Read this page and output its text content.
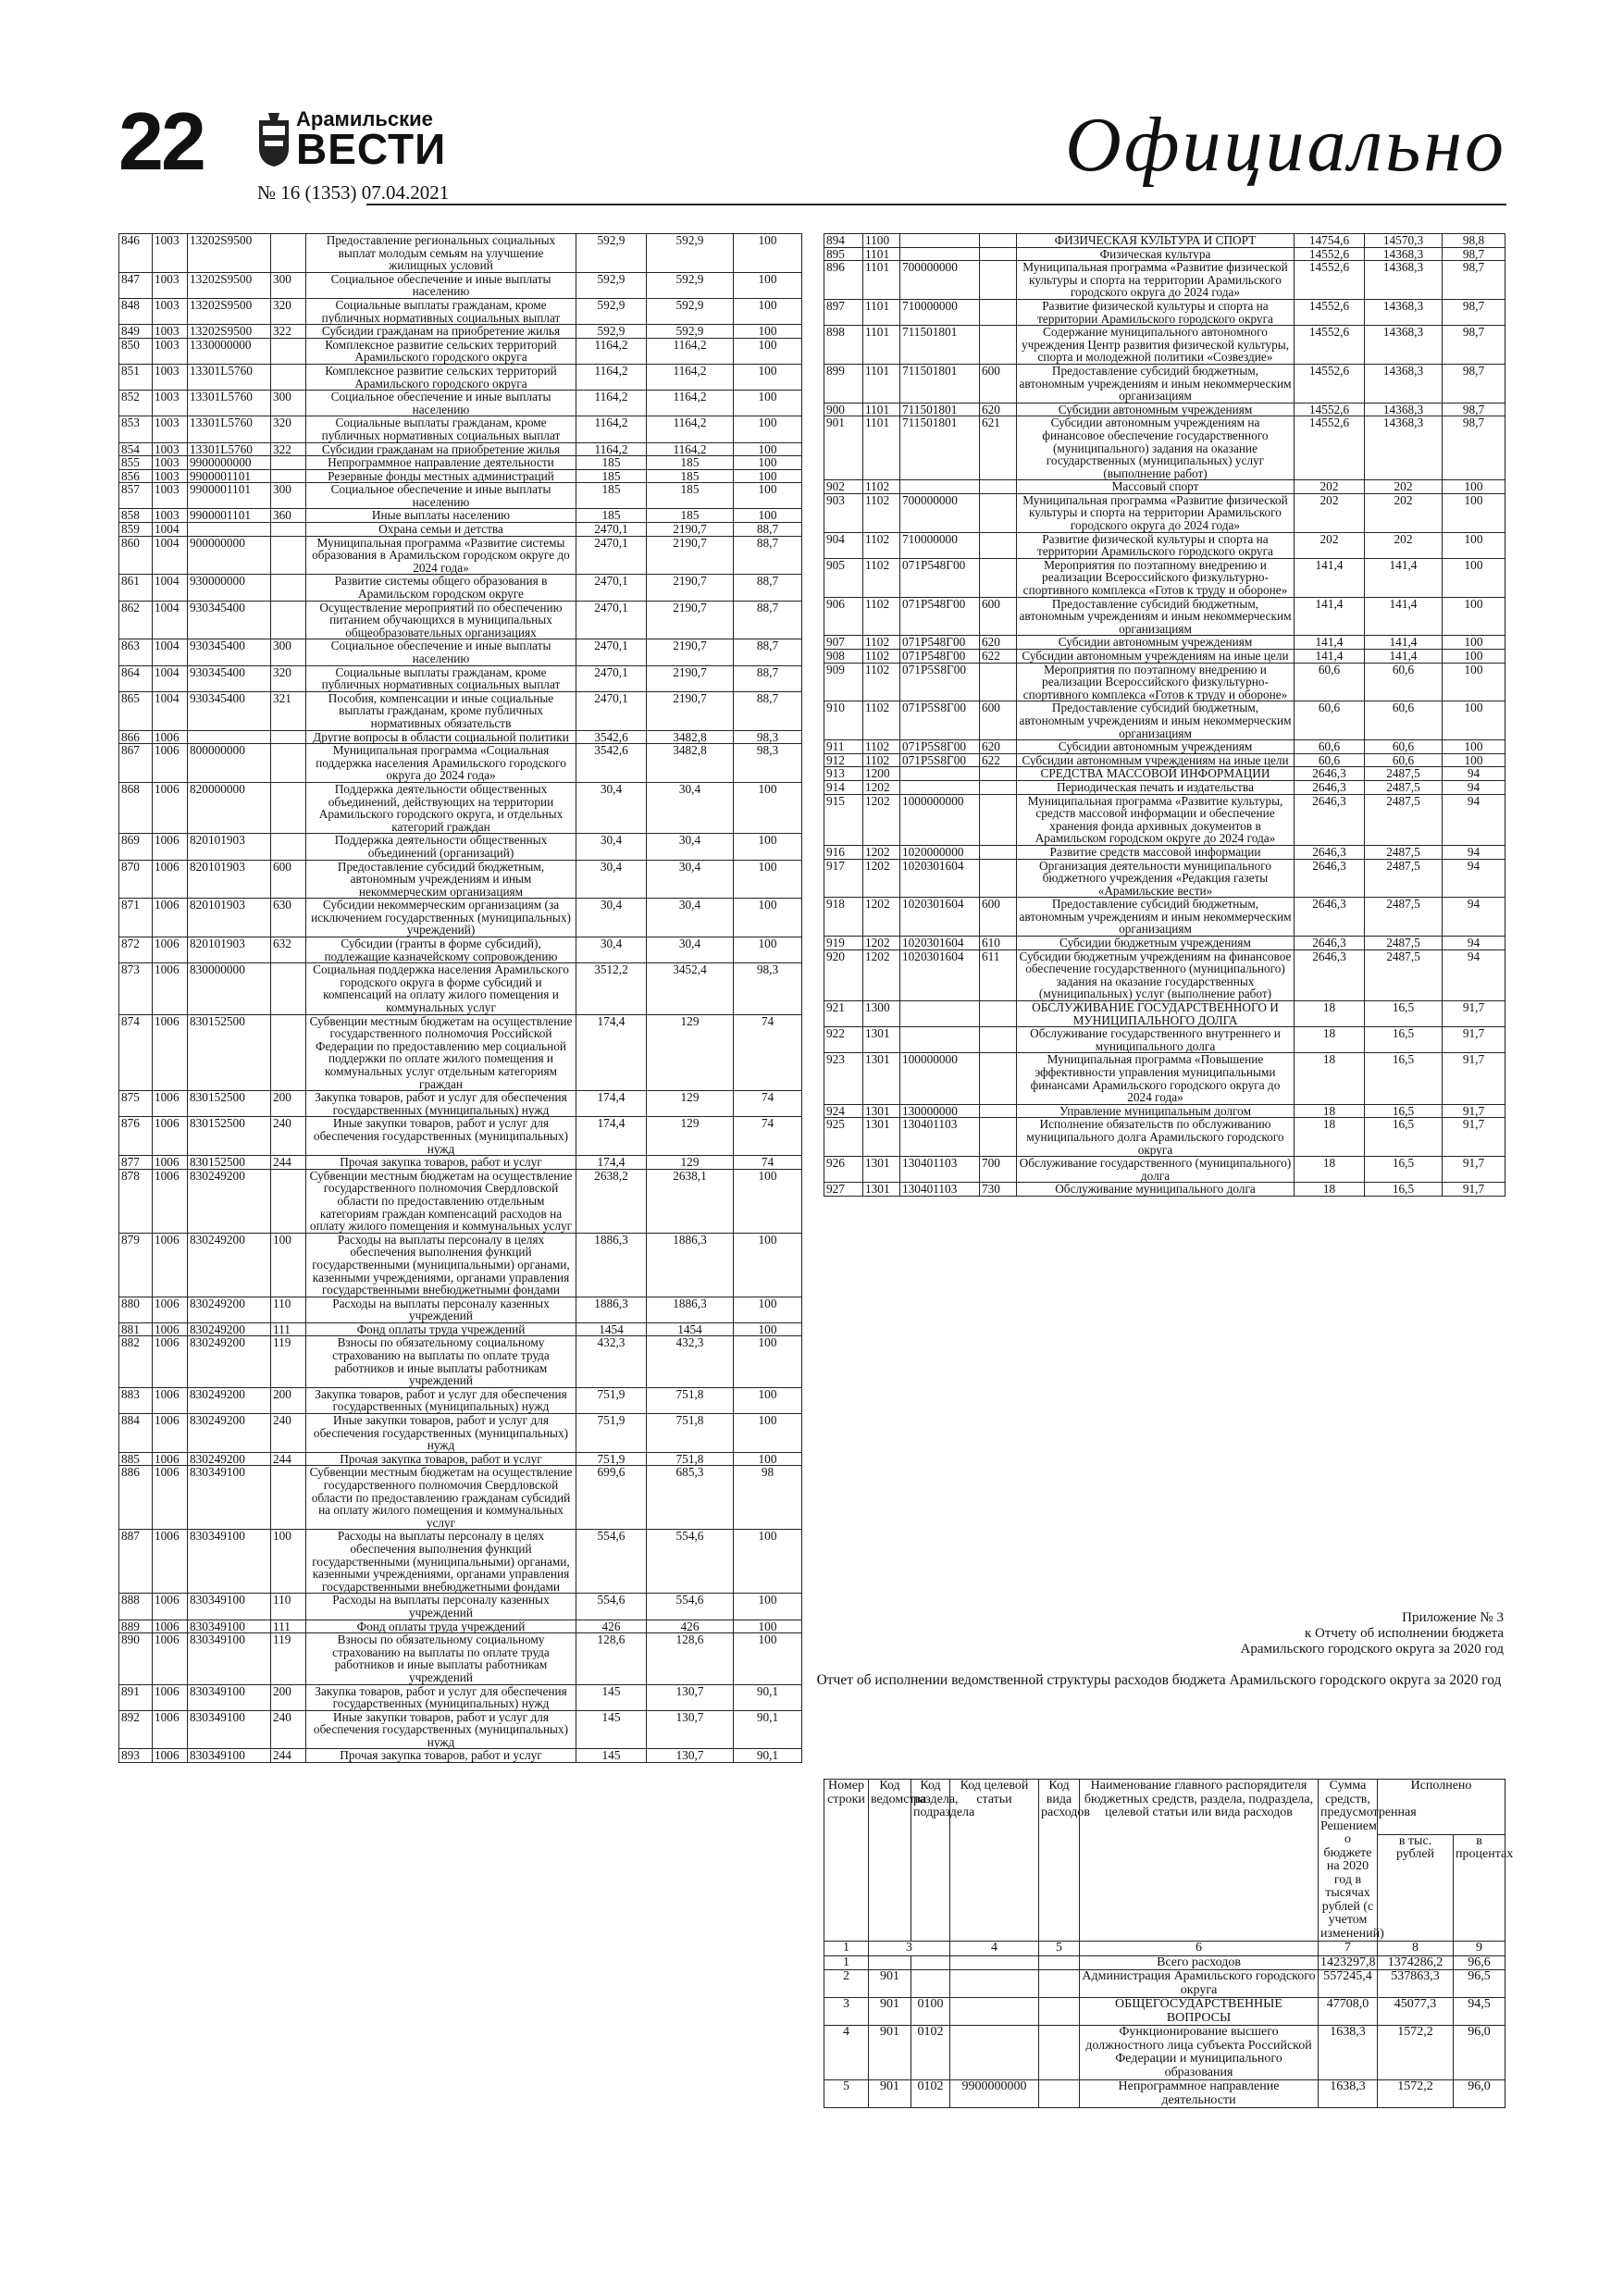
22	Арамильские
ВЕСТИ
№ 16 (1353) 07.04.2021
Официально
846	1003	13202S9500		Предоставление региональных социальных выплат молодым семьям на улучшение жилищных условий	592,9	592,9	100
847	1003	13202S9500	300	Социальное обеспечение и иные выплаты населению	592,9	592,9	100
848	1003	13202S9500	320	Социальные выплаты гражданам, кроме публичных нормативных социальных выплат	592,9	592,9	100
849	1003	13202S9500	322	Субсидии гражданам на приобретение жилья	592,9	592,9	100
850	1003	1330000000		Комплексное развитие сельских территорий Арамильского городского округа	1164,2	1164,2	100
851	1003	13301L5760		Комплексное развитие сельских территорий Арамильского городского округа	1164,2	1164,2	100
852	1003	13301L5760	300	Социальное обеспечение и иные выплаты населению	1164,2	1164,2	100
853	1003	13301L5760	320	Социальные выплаты гражданам, кроме публичных нормативных социальных выплат	1164,2	1164,2	100
854	1003	13301L5760	322	Субсидии гражданам на приобретение жилья	1164,2	1164,2	100
855	1003	9900000000		Непрограммное направление деятельности	185	185	100
856	1003	9900001101		Резервные фонды местных администраций	185	185	100
857	1003	9900001101	300	Социальное обеспечение и иные выплаты населению	185	185	100
858	1003	9900001101	360	Иные выплаты населению	185	185	100
859	1004			Охрана семьи и детства	2470,1	2190,7	88,7
860	1004	900000000		Муниципальная программа «Развитие системы образования в Арамильском городском округе до 2024 года»	2470,1	2190,7	88,7
861	1004	930000000		Развитие системы общего образования в Арамильском городском округе	2470,1	2190,7	88,7
862	1004	930345400		Осуществление мероприятий по обеспечению питанием обучающихся в муниципальных общеобразовательных организациях	2470,1	2190,7	88,7
863	1004	930345400	300	Социальное обеспечение и иные выплаты населению	2470,1	2190,7	88,7
864	1004	930345400	320	Социальные выплаты гражданам, кроме публичных нормативных социальных выплат	2470,1	2190,7	88,7
865	1004	930345400	321	Пособия, компенсации и иные социальные выплаты гражданам, кроме публичных нормативных обязательств	2470,1	2190,7	88,7
866	1006			Другие вопросы в области социальной политики	3542,6	3482,8	98,3
867	1006	800000000		Муниципальная программа «Социальная поддержка населения Арамильского городского округа до 2024 года»	3542,6	3482,8	98,3
868	1006	820000000		Поддержка деятельности общественных объединений, действующих на территории Арамильского городского округа, и отдельных категорий граждан	30,4	30,4	100
869	1006	820101903		Поддержка деятельности общественных объединений (организаций)	30,4	30,4	100
870	1006	820101903	600	Предоставление субсидий бюджетным, автономным учреждениям и иным некоммерческим организациям	30,4	30,4	100
871	1006	820101903	630	Субсидии некоммерческим организациям (за исключением государственных (муниципальных) учреждений)	30,4	30,4	100
872	1006	820101903	632	Субсидии (гранты в форме субсидий), подлежащие казначейскому сопровождению	30,4	30,4	100
873	1006	830000000		Социальная поддержка населения Арамильского городского округа в форме субсидий и компенсаций на оплату жилого помещения и коммунальных услуг	3512,2	3452,4	98,3
874	1006	830152500		Субвенции местным бюджетам на осуществление государственного полномочия Российской Федерации по предоставлению мер социальной поддержки по оплате жилого помещения и коммунальных услуг отдельным категориям граждан	174,4	129	74
875	1006	830152500	200	Закупка товаров, работ и услуг для обеспечения государственных (муниципальных) нужд	174,4	129	74
876	1006	830152500	240	Иные закупки товаров, работ и услуг для обеспечения государственных (муниципальных) нужд	174,4	129	74
877	1006	830152500	244	Прочая закупка товаров, работ и услуг	174,4	129	74
878	1006	830249200		Субвенции местным бюджетам на осуществление государственного полномочия Свердловской области по предоставлению отдельным категориям граждан компенсаций расходов на оплату жилого помещения и коммунальных услуг	2638,2	2638,1	100
879	1006	830249200	100	Расходы на выплаты персоналу в целях обеспечения выполнения функций государственными (муниципальными) органами, казенными учреждениями, органами управления государственными внебюджетными фондами	1886,3	1886,3	100
880	1006	830249200	110	Расходы на выплаты персоналу казенных учреждений	1886,3	1886,3	100
881	1006	830249200	111	Фонд оплаты труда учреждений	1454	1454	100
882	1006	830249200	119	Взносы по обязательному социальному страхованию на выплаты по оплате труда работников и иные выплаты работникам учреждений	432,3	432,3	100
883	1006	830249200	200	Закупка товаров, работ и услуг для обеспечения государственных (муниципальных) нужд	751,9	751,8	100
884	1006	830249200	240	Иные закупки товаров, работ и услуг для обеспечения государственных (муниципальных) нужд	751,9	751,8	100
885	1006	830249200	244	Прочая закупка товаров, работ и услуг	751,9	751,8	100
886	1006	830349100		Субвенции местным бюджетам на осуществление государственного полномочия Свердловской области по предоставлению гражданам субсидий на оплату жилого помещения и коммунальных услуг	699,6	685,3	98
887	1006	830349100	100	Расходы на выплаты персоналу в целях обеспечения выполнения функций государственными (муниципальными) органами, казенными учреждениями, органами управления государственными внебюджетными фондами	554,6	554,6	100
888	1006	830349100	110	Расходы на выплаты персоналу казенных учреждений	554,6	554,6	100
889	1006	830349100	111	Фонд оплаты труда учреждений	426	426	100
890	1006	830349100	119	Взносы по обязательному социальному страхованию на выплаты по оплате труда работников и иные выплаты работникам учреждений	128,6	128,6	100
891	1006	830349100	200	Закупка товаров, работ и услуг для обеспечения государственных (муниципальных) нужд	145	130,7	90,1
892	1006	830349100	240	Иные закупки товаров, работ и услуг для обеспечения государственных (муниципальных) нужд	145	130,7	90,1
893	1006	830349100	244	Прочая закупка товаров, работ и услуг	145	130,7	90,1
894	1100			ФИЗИЧЕСКАЯ КУЛЬТУРА И СПОРТ	14754,6	14570,3	98,8
895	1101			Физическая культура	14552,6	14368,3	98,7
896	1101	700000000		Муниципальная программа «Развитие физической культуры и спорта на территории Арамильского городского округа до 2024 года»	14552,6	14368,3	98,7
897	1101	710000000		Развитие физической культуры и спорта на территории Арамильского городского округа	14552,6	14368,3	98,7
898	1101	711501801		Содержание муниципального автономного учреждения Центр развития физической культуры, спорта и молодежной политики «Созвездие»	14552,6	14368,3	98,7
899	1101	711501801	600	Предоставление субсидий бюджетным, автономным учреждениям и иным некоммерческим организациям	14552,6	14368,3	98,7
900	1101	711501801	620	Субсидии автономным учреждениям	14552,6	14368,3	98,7
901	1101	711501801	621	Субсидии автономным учреждениям на финансовое обеспечение государственного (муниципального) задания на оказание государственных (муниципальных) услуг (выполнение работ)	14552,6	14368,3	98,7
902	1102			Массовый спорт	202	202	100
903	1102	700000000		Муниципальная программа «Развитие физической культуры и спорта на территории Арамильского городского округа до 2024 года»	202	202	100
904	1102	710000000		Развитие физической культуры и спорта на территории Арамильского городского округа	202	202	100
905	1102	071P548Г00		Мероприятия по поэтапному внедрению и реализации Всероссийского физкультурно-спортивного комплекса «Готов к труду и обороне»	141,4	141,4	100
906	1102	071P548Г00	600	Предоставление субсидий бюджетным, автономным учреждениям и иным некоммерческим организациям	141,4	141,4	100
907	1102	071P548Г00	620	Субсидии автономным учреждениям	141,4	141,4	100
908	1102	071P548Г00	622	Субсидии автономным учреждениям на иные цели	141,4	141,4	100
909	1102	071P5S8Г00		Мероприятия по поэтапному внедрению и реализации Всероссийского физкультурно-спортивного комплекса «Готов к труду и обороне»	60,6	60,6	100
910	1102	071P5S8Г00	600	Предоставление субсидий бюджетным, автономным учреждениям и иным некоммерческим организациям	60,6	60,6	100
911	1102	071P5S8Г00	620	Субсидии автономным учреждениям	60,6	60,6	100
912	1102	071P5S8Г00	622	Субсидии автономным учреждениям на иные цели	60,6	60,6	100
913	1200			СРЕДСТВА МАССОВОЙ ИНФОРМАЦИИ	2646,3	2487,5	94
914	1202			Периодическая печать и издательства	2646,3	2487,5	94
915	1202	1000000000		Муниципальная программа «Развитие культуры, средств массовой информации и обеспечение хранения фонда архивных документов в Арамильском городском округе до 2024 года»	2646,3	2487,5	94
916	1202	1020000000		Развитие средств массовой информации	2646,3	2487,5	94
917	1202	1020301604		Организация деятельности муниципального бюджетного учреждения «Редакция газеты «Арамильские вести»	2646,3	2487,5	94
918	1202	1020301604	600	Предоставление субсидий бюджетным, автономным учреждениям и иным некоммерческим организациям	2646,3	2487,5	94
919	1202	1020301604	610	Субсидии бюджетным учреждениям	2646,3	2487,5	94
920	1202	1020301604	611	Субсидии бюджетным учреждениям на финансовое обеспечение государственного (муниципального) задания на оказание государственных (муниципальных) услуг (выполнение работ)	2646,3	2487,5	94
921	1300			ОБСЛУЖИВАНИЕ ГОСУДАРСТВЕННОГО И МУНИЦИПАЛЬНОГО ДОЛГА	18	16,5	91,7
922	1301			Обслуживание государственного внутреннего и муниципального долга	18	16,5	91,7
923	1301	100000000		Муниципальная программа «Повышение эффективности управления муниципальными финансами Арамильского городского округа до 2024 года»	18	16,5	91,7
924	1301	130000000		Управление муниципальным долгом	18	16,5	91,7
925	1301	130401103		Исполнение обязательств по обслуживанию муниципального долга Арамильского городского округа	18	16,5	91,7
926	1301	130401103	700	Обслуживание государственного (муниципального) долга	18	16,5	91,7
927	1301	130401103	730	Обслуживание муниципального долга	18	16,5	91,7
Приложение № 3
к Отчету об исполнении бюджета
Арамильского городского округа за 2020 год
Отчет об исполнении ведомственной структуры расходов бюджета Арамильского городского округа за 2020 год
Номер строки	Код ведомства	Код раздела, подраздела	Код целевой статьи	Код вида расходов	Наименование главного распорядителя бюджетных средств, раздела, подраздела, целевой статьи или вида расходов	Сумма средств, предусмотренная Решением о бюджете на 2020 год в тысячах рублей (с учетом изменений)	Исполнено	
							в тыс. рублей	в процентах
1	3		4	5	6	7	8	9
1					Всего расходов	1423297,8	1374286,2	96,6
2	901				Администрация Арамильского городского округа	557245,4	537863,3	96,5
3	901	0100			ОБЩЕГОСУДАРСТВЕННЫЕ ВОПРОСЫ	47708,0	45077,3	94,5
4	901	0102			Функционирование высшего должностного лица субъекта Российской Федерации и муниципального образования	1638,3	1572,2	96,0
5	901	0102	9900000000		Непрограммное направление деятельности	1638,3	1572,2	96,0
